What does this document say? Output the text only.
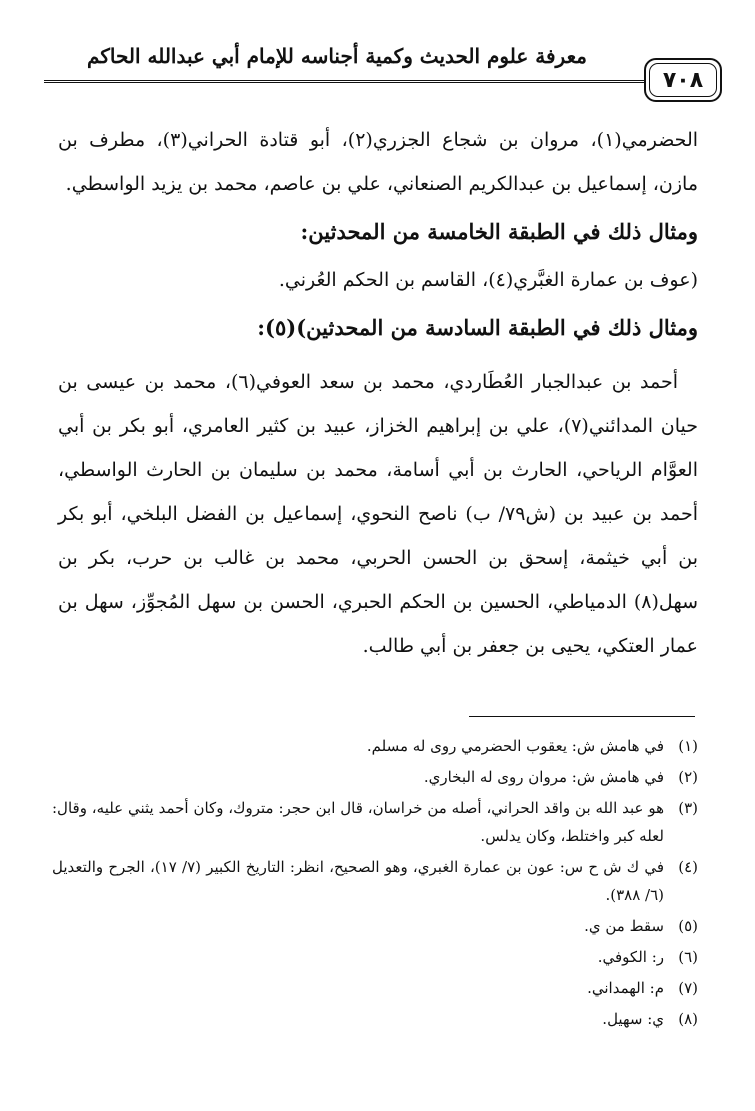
٧٠٨
معرفة علوم الحديث وكمية أجناسه للإمام أبي عبدالله الحاكم

الحضرمي(١)، مروان بن شجاع الجزري(٢)، أبو قتادة الحراني(٣)، مطرف بن مازن، إسماعيل بن عبدالكريم الصنعاني، علي بن عاصم، محمد بن يزيد الواسطي.

ومثال ذلك في الطبقة الخامسة من المحدثين:

(عوف بن عمارة الغبَّري(٤)، القاسم بن الحكم العُرني.

ومثال ذلك في الطبقة السادسة من المحدثين)(٥):

أحمد بن عبدالجبار العُطَاردي، محمد بن سعد العوفي(٦)، محمد بن عيسى بن حيان المدائني(٧)، علي بن إبراهيم الخزاز، عبيد بن كثير العامري، أبو بكر بن أبي العوَّام الرياحي، الحارث بن أبي أسامة، محمد بن سليمان بن الحارث الواسطي، أحمد بن عبيد بن (ش٧٩/ ب) ناصح النحوي، إسماعيل بن الفضل البلخي، أبو بكر بن أبي خيثمة، إسحق بن الحسن الحربي، محمد بن غالب بن حرب، بكر بن سهل(٨) الدمياطي، الحسين بن الحكم الحبري، الحسن بن سهل المُجوِّز، سهل بن عمار العتكي، يحيى بن جعفر بن أبي طالب.

(١)
في هامش ش: يعقوب الحضرمي روى له مسلم.

(٢)
في هامش ش: مروان روى له البخاري.

(٣)
هو عبد الله بن واقد الحراني، أصله من خراسان، قال ابن حجر: متروك، وكان أحمد يثني عليه، وقال: لعله كبر واختلط، وكان يدلس.

(٤)
في ك ش ح س: عون بن عمارة الغبري، وهو الصحيح، انظر: التاريخ الكبير (٧/ ١٧)، الجرح والتعديل (٦/ ٣٨٨).

(٥)
سقط من ي.

(٦)
ر: الكوفي.

(٧)
م: الهمداني.

(٨)
ي: سهيل.
